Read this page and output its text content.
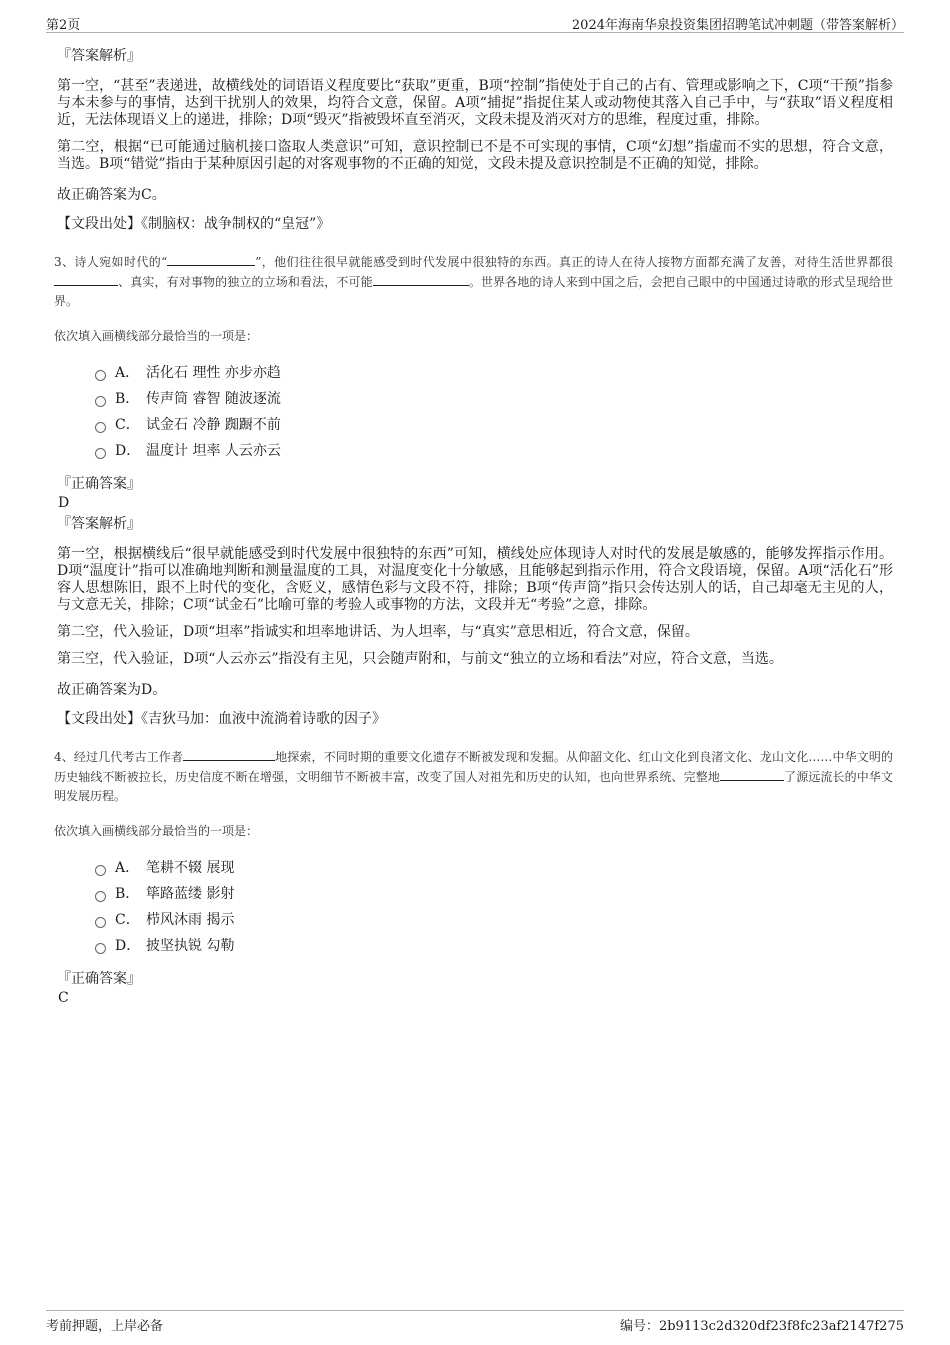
第2页	2024年海南华泉投资集团招聘笔试冲刺题（带答案解析）

『答案解析』

第一空，“甚至”表递进，故横线处的词语语义程度要比“获取”更重，B项“控制”指使处于自己的占有、管理或影响之下，C项“干预”指参与本未参与的事情，达到干扰别人的效果，均符合文意，保留。A项“捕捉”指捉住某人或动物使其落入自己手中，与“获取”语义程度相近，无法体现语义上的递进，排除；D项“毁灭”指被毁坏直至消灭，文段未提及消灭对方的思维，程度过重，排除。

第二空，根据“已可能通过脑机接口盗取人类意识”可知，意识控制已不是不可实现的事情，C项“幻想”指虚而不实的思想，符合文意，当选。B项“错觉”指由于某种原因引起的对客观事物的不正确的知觉，文段未提及意识控制是不正确的知觉，排除。

故正确答案为C。

【文段出处】《制脑权：战争制权的“皇冠”》

3、诗人宛如时代的“	”，他们往往很早就能感受到时代发展中很独特的东西。真正的诗人在待人接物方面都充满了友善，对待生活世界都很、真实，有对事物的独立的立场和看法，不可能	。世界各地的诗人来到中国之后，会把自己眼中的中国通过诗歌的形式呈现给世界。

依次填入画横线部分最恰当的一项是：

A． 活化石 理性 亦步亦趋
B． 传声筒 睿智 随波逐流
C． 试金石 冷静 踟蹰不前
D． 温度计 坦率 人云亦云

『正确答案』

D

『答案解析』

第一空，根据横线后“很早就能感受到时代发展中很独特的东西”可知，横线处应体现诗人对时代的发展是敏感的，能够发挥指示作用。D项“温度计”指可以准确地判断和测量温度的工具，对温度变化十分敏感，且能够起到指示作用，符合文段语境，保留。A项“活化石”形容人思想陈旧，跟不上时代的变化，含贬义，感情色彩与文段不符，排除；B项“传声筒”指只会传达别人的话，自己却毫无主见的人，与文意无关，排除；C项“试金石”比喻可靠的考验人或事物的方法，文段并无“考验”之意，排除。

第二空，代入验证，D项“坦率”指诚实和坦率地讲话、为人坦率，与“真实”意思相近，符合文意，保留。

第三空，代入验证，D项“人云亦云”指没有主见，只会随声附和，与前文“独立的立场和看法”对应，符合文意，当选。

故正确答案为D。

【文段出处】《吉狄马加：血液中流淌着诗歌的因子》

4、经过几代考古工作者	地探索，不同时期的重要文化遗存不断被发现和发掘。从仰韶文化、红山文化到良渚文化、龙山文化……中华文明的历史轴线不断被拉长，历史信度不断在增强，文明细节不断被丰富，改变了国人对祖先和历史的认知，也向世界系统、完整地	了源远流长的中华文明发展历程。

依次填入画横线部分最恰当的一项是：

A． 笔耕不辍 展现
B． 筚路蓝缕 影射
C． 栉风沐雨 揭示
D． 披坚执锐 勾勒

『正确答案』

C

考前押题，上岸必备	编号：2b9113c2d320df23f8fc23af2147f275
